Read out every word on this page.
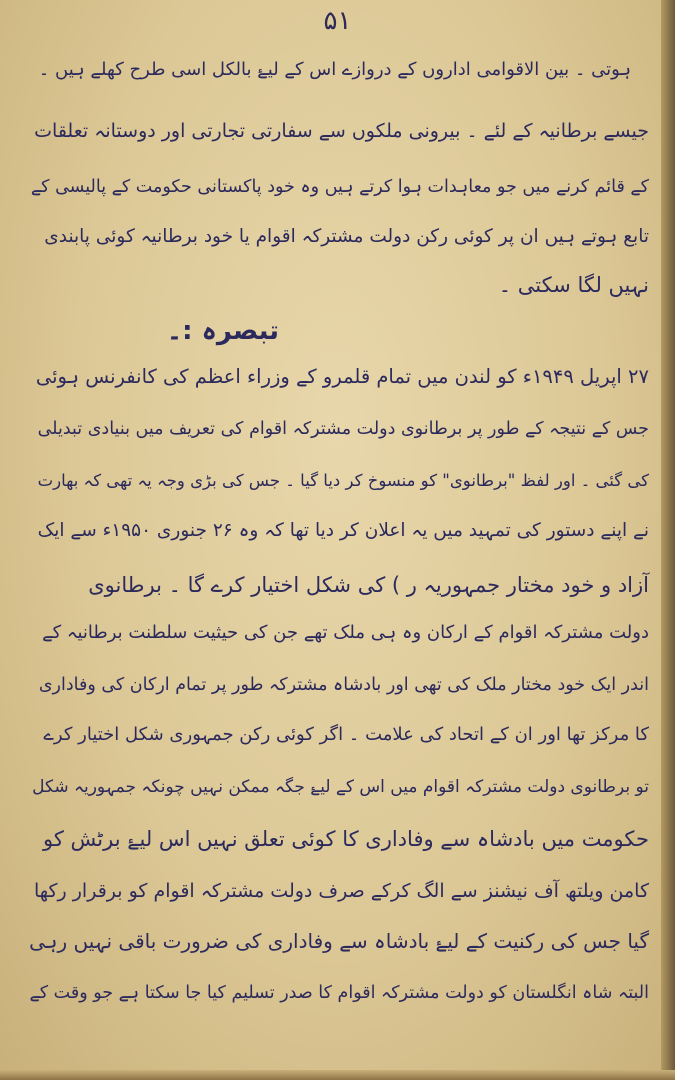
۵۱
ہوتی ۔ بین الاقوامی اداروں کے دروازے اس کے لیۓ بالکل اسی طرح کھلے ہیں ۔
جیسے برطانیہ کے لئے ۔ بیرونی ملکوں سے سفارتی تجارتی اور دوستانہ تعلقات
کے قائم کرنے میں جو معاہدات ہوا کرتے ہیں وہ خود پاکستانی حکومت کے پالیسی کے
تابع ہوتے ہیں ان پر کوئی رکن دولت مشترکہ اقوام یا خود برطانیہ کوئی پابندی
نہیں لگا سکتی ۔
تبصرہ :۔
۲۷ اپریل ۱۹۴۹ء کو لندن میں تمام قلمرو کے وزراء اعظم کی کانفرنس ہوئی
جس کے نتیجہ کے طور پر برطانوی دولت مشترکہ اقوام کی تعریف میں بنیادی تبدیلی
کی گئی ۔ اور لفظ "برطانوی" کو منسوخ کر دیا گیا ۔ جس کی بڑی وجہ یہ تھی کہ بھارت
نے اپنے دستور کی تمہید میں یہ اعلان کر دیا تھا کہ وہ ۲۶ جنوری ۱۹۵۰ء سے ایک
آزاد و خود مختار جمہوریہ ر ) کی شکل اختیار کرے گا ۔ برطانوی
دولت مشترکہ اقوام کے ارکان وہ ہی ملک تھے جن کی حیثیت سلطنت برطانیہ کے
اندر ایک خود مختار ملک کی تھی اور بادشاہ مشترکہ طور پر تمام ارکان کی وفاداری
کا مرکز تھا اور ان کے اتحاد کی علامت ۔ اگر کوئی رکن جمہوری شکل اختیار کرے
تو برطانوی دولت مشترکہ اقوام میں اس کے لیۓ جگہ ممکن نہیں چونکہ جمہوریہ شکل
حکومت میں بادشاہ سے وفاداری کا کوئی تعلق نہیں اس لیۓ برٹش کو
کامن ویلتھ آف نیشنز سے الگ کرکے صرف دولت مشترکہ اقوام کو برقرار رکھا
گیا جس کی رکنیت کے لیۓ بادشاہ سے وفاداری کی ضرورت باقی نہیں رہی
البتہ شاہ انگلستان کو دولت مشترکہ اقوام کا صدر تسلیم کیا جا سکتا ہے جو وقت کے
